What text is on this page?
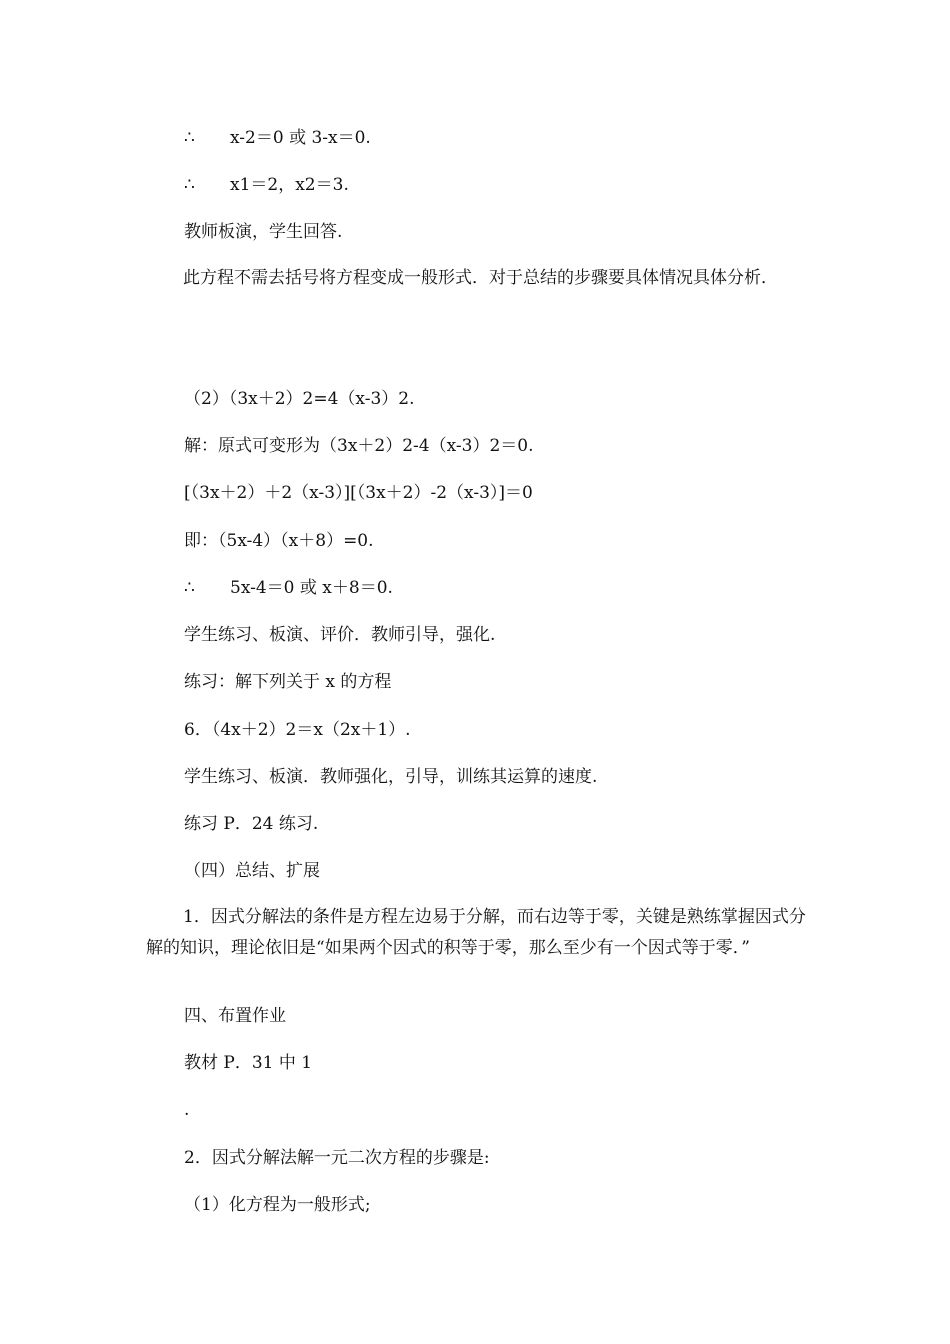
∴ x-2＝0 或 3-x＝0.
∴ x1＝2，x2＝3.
教师板演，学生回答.
此方程不需去括号将方程变成一般形式．对于总结的步骤要具体情况具体分析．
（2）（3x＋2）2=4（x-3）2.
解：原式可变形为（3x＋2）2-4（x-3）2＝0.
[（3x＋2）＋2（x-3）][（3x＋2）-2（x-3）]＝0
即：（5x-4）（x＋8）=0.
∴ 5x-4＝0 或 x＋8＝0.
学生练习、板演、评价．教师引导，强化.
练习：解下列关于 x 的方程
6．（4x＋2）2＝x（2x＋1）.
学生练习、板演．教师强化，引导，训练其运算的速度.
练习 P．24 练习.
（四）总结、扩展
1．因式分解法的条件是方程左边易于分解，而右边等于零，关键是熟练掌握因式分解的知识，理论依旧是“如果两个因式的积等于零，那么至少有一个因式等于零．”
四、布置作业
教材 P．31 中 1
.
2．因式分解法解一元二次方程的步骤是:
（1）化方程为一般形式;
